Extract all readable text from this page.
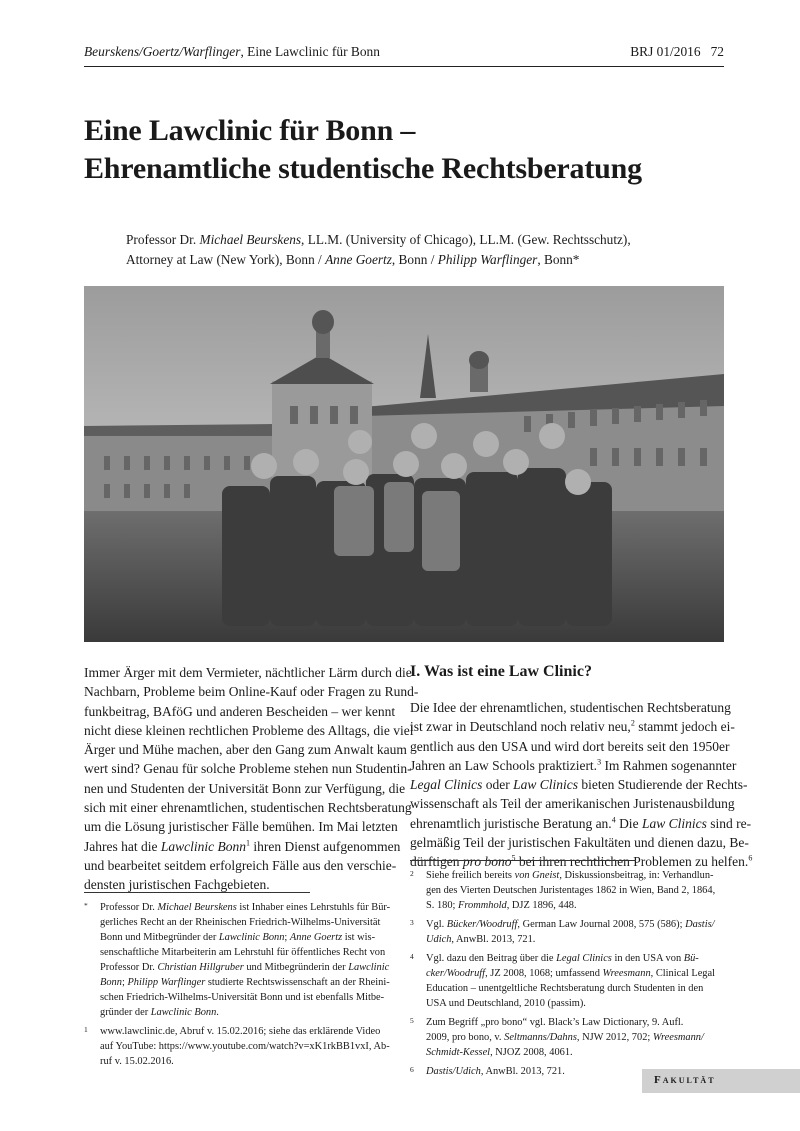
Beurskens/Goertz/Warflinger, Eine Lawclinic für Bonn	BRJ 01/2016 72
Eine Lawclinic für Bonn –
Ehrenamtliche studentische Rechtsberatung
Professor Dr. Michael Beurskens, LL.M. (University of Chicago), LL.M. (Gew. Rechtsschutz),
Attorney at Law (New York), Bonn / Anne Goertz, Bonn / Philipp Warflinger, Bonn*
Immer Ärger mit dem Vermieter, nächtlicher Lärm durch die
Nachbarn, Probleme beim Online-Kauf oder Fragen zu Rund-
funkbeitrag, BAföG und anderen Bescheiden – wer kennt
nicht diese kleinen rechtlichen Probleme des Alltags, die viel
Ärger und Mühe machen, aber den Gang zum Anwalt kaum
wert sind? Genau für solche Probleme stehen nun Studentin-
nen und Studenten der Universität Bonn zur Verfügung, die
sich mit einer ehrenamtlichen, studentischen Rechtsberatung
um die Lösung juristischer Fälle bemühen. Im Mai letzten
Jahres hat die Lawclinic Bonn$^1$ ihren Dienst aufgenommen
und bearbeitet seitdem erfolgreich Fälle aus den verschie-
densten juristischen Fachgebieten.
I. Was ist eine Law Clinic?
Die Idee der ehrenamtlichen, studentischen Rechtsberatung
ist zwar in Deutschland noch relativ neu,$^2$ stammt jedoch ei-
gentlich aus den USA und wird dort bereits seit den 1950er
Jahren an Law Schools praktiziert.$^3$ Im Rahmen sogenannter
Legal Clinics oder Law Clinics bieten Studierende der Rechts-
wissenschaft als Teil der amerikanischen Juristenausbildung
ehrenamtlich juristische Beratung an.$^4$ Die Law Clinics sind re-
gelmäßig Teil der juristischen Fakultäten und dienen dazu, Be-
dürftigen pro bono$^5$ bei ihren rechtlichen Problemen zu helfen.$^6$
* Professor Dr. Michael Beurskens ist Inhaber eines Lehrstuhls für Bür-
gerliches Recht an der Rheinischen Friedrich-Wilhelms-Universität
Bonn und Mitbegründer der Lawclinic Bonn; Anne Goertz ist wis-
senschaftliche Mitarbeiterin am Lehrstuhl für öffentliches Recht von
Professor Dr. Christian Hillgruber und Mitbegründerin der Lawclinic
Bonn; Philipp Warflinger studierte Rechtswissenschaft an der Rheini-
schen Friedrich-Wilhelms-Universität Bonn und ist ebenfalls Mitbe-
gründer der Lawclinic Bonn.
1 www.lawclinic.de, Abruf v. 15.02.2016; siehe das erklärende Video
auf YouTube: https://www.youtube.com/watch?v=xK1rkBB1vxI, Ab-
ruf v. 15.02.2016.
2 Siehe freilich bereits von Gneist, Diskussionsbeitrag, in: Verhandlun-
gen des Vierten Deutschen Juristentages 1862 in Wien, Band 2, 1864,
S. 180; Frommhold, DJZ 1896, 448.
3 Vgl. Bücker/Woodruff, German Law Journal 2008, 575 (586); Dastis/
Udich, AnwBl. 2013, 721.
4 Vgl. dazu den Beitrag über die Legal Clinics in den USA von Bü-
cker/Woodruff, JZ 2008, 1068; umfassend Wreesmann, Clinical Legal
Education – unentgeltliche Rechtsberatung durch Studenten in den
USA und Deutschland, 2010 (passim).
5 Zum Begriff „pro bono“ vgl. Black’s Law Dictionary, 9. Aufl.
2009, pro bono, v. Seltmanns/Dahns, NJW 2012, 702; Wreesmann/
Schmidt-Kessel, NJOZ 2008, 4061.
6 Dastis/Udich, AnwBl. 2013, 721.
Fakultät
